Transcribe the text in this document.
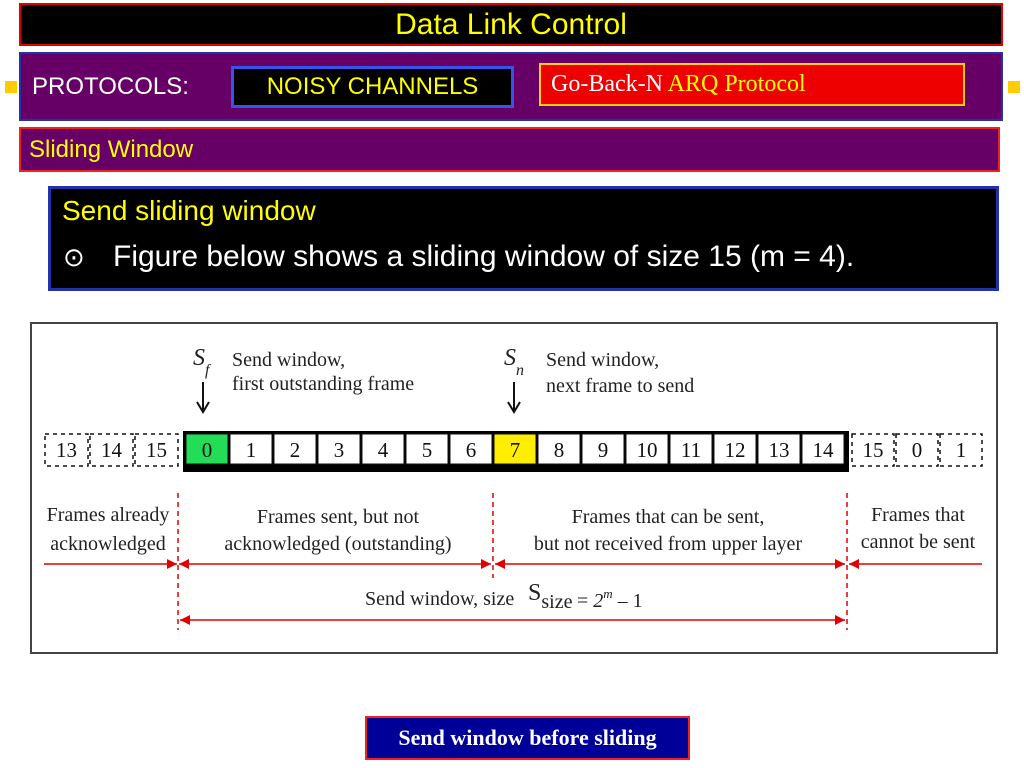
Data Link Control
PROTOCOLS:	NOISY CHANNELS	Go-Back-N ARQ Protocol
Sliding Window
Send sliding window
⊙ Figure below shows a sliding window of size 15 (m = 4).
$S_f$ Send window,
first outstanding frame
$S_n$ Send window,
next frame to send
13 14 15 0 1 2 3 4 5 6 7 8 9 10 11 12 13 14 15 0 1
Frames already
acknowledged
Frames sent, but not
acknowledged (outstanding)
Frames that can be sent,
but not received from upper layer
Frames that
cannot be sent
Send window, size $S_{size} = 2^m - 1$
Send window before sliding
